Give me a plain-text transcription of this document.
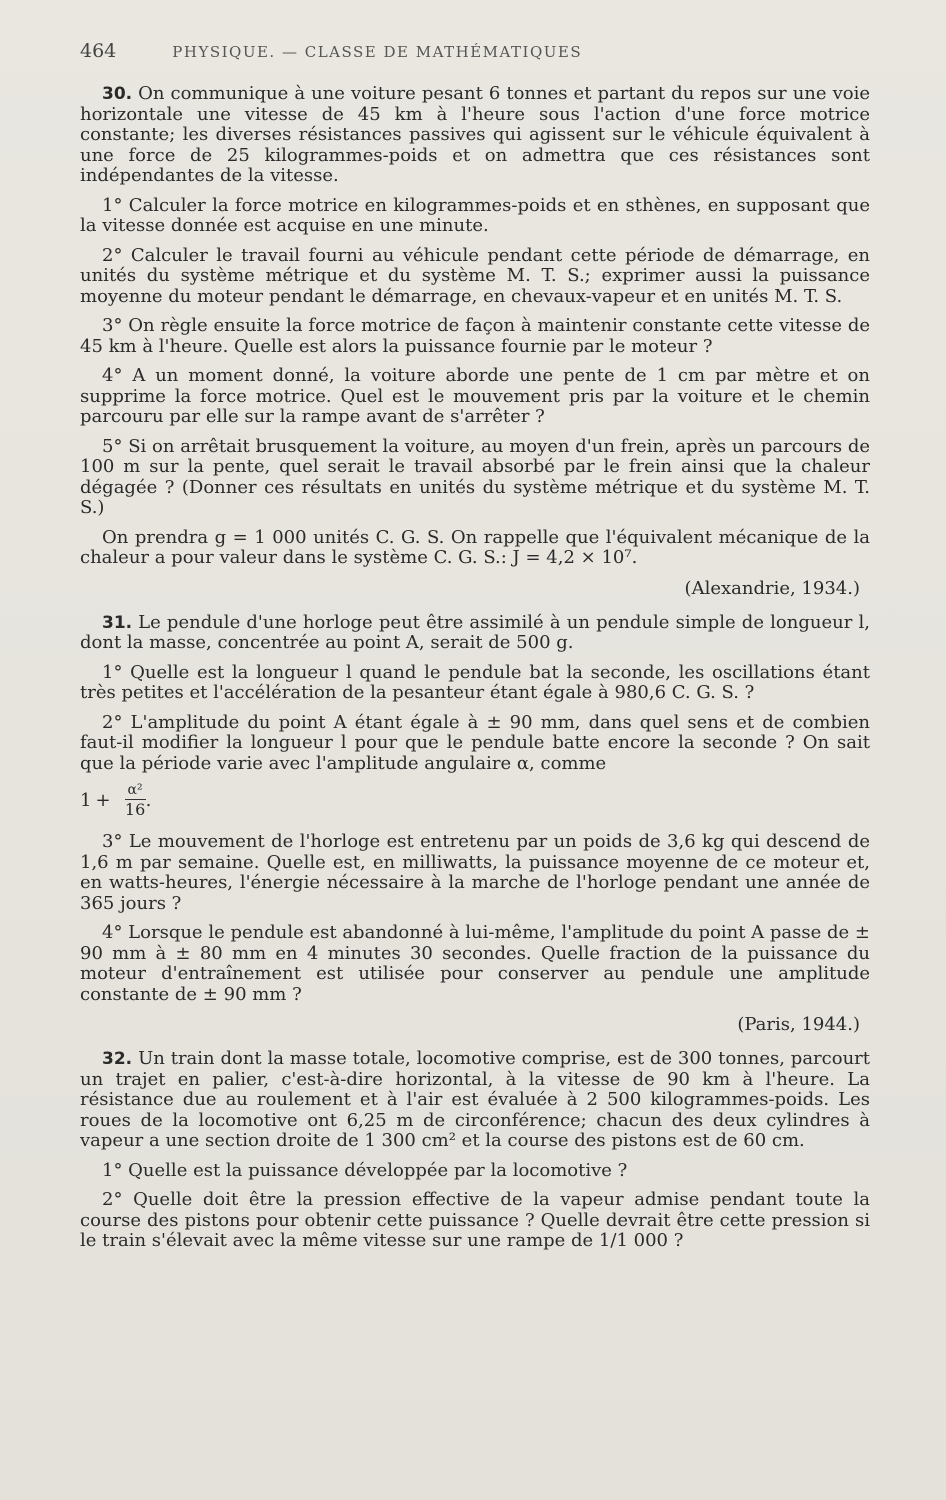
464	PHYSIQUE. — CLASSE DE MATHÉMATIQUES

30. On communique à une voiture pesant 6 tonnes et partant du repos sur une voie horizontale une vitesse de 45 km à l'heure sous l'action d'une force motrice constante; les diverses résistances passives qui agissent sur le véhicule équivalent à une force de 25 kilogrammes-poids et on admettra que ces résistances sont indépendantes de la vitesse.

1° Calculer la force motrice en kilogrammes-poids et en sthènes, en supposant que la vitesse donnée est acquise en une minute.

2° Calculer le travail fourni au véhicule pendant cette période de démarrage, en unités du système métrique et du système M. T. S.; exprimer aussi la puissance moyenne du moteur pendant le démarrage, en chevaux-vapeur et en unités M. T. S.

3° On règle ensuite la force motrice de façon à maintenir constante cette vitesse de 45 km à l'heure. Quelle est alors la puissance fournie par le moteur ?

4° A un moment donné, la voiture aborde une pente de 1 cm par mètre et on supprime la force motrice. Quel est le mouvement pris par la voiture et le chemin parcouru par elle sur la rampe avant de s'arrêter ?

5° Si on arrêtait brusquement la voiture, au moyen d'un frein, après un parcours de 100 m sur la pente, quel serait le travail absorbé par le frein ainsi que la chaleur dégagée ? (Donner ces résultats en unités du système métrique et du système M. T. S.)

On prendra g = 1 000 unités C. G. S. On rappelle que l'équivalent mécanique de la chaleur a pour valeur dans le système C. G. S.: J = 4,2 × 10⁷.

(Alexandrie, 1934.)

31. Le pendule d'une horloge peut être assimilé à un pendule simple de longueur l, dont la masse, concentrée au point A, serait de 500 g.

1° Quelle est la longueur l quand le pendule bat la seconde, les oscillations étant très petites et l'accélération de la pesanteur étant égale à 980,6 C. G. S. ?

2° L'amplitude du point A étant égale à ± 90 mm, dans quel sens et de combien faut-il modifier la longueur l pour que le pendule batte encore la seconde ? On sait que la période varie avec l'amplitude angulaire α, comme

$1 + \frac{\text{α²}}{16}$ .

3° Le mouvement de l'horloge est entretenu par un poids de 3,6 kg qui descend de 1,6 m par semaine. Quelle est, en milliwatts, la puissance moyenne de ce moteur et, en watts-heures, l'énergie nécessaire à la marche de l'horloge pendant une année de 365 jours ?

4° Lorsque le pendule est abandonné à lui-même, l'amplitude du point A passe de ± 90 mm à ± 80 mm en 4 minutes 30 secondes. Quelle fraction de la puissance du moteur d'entraînement est utilisée pour conserver au pendule une amplitude constante de ± 90 mm ?

(Paris, 1944.)

32. Un train dont la masse totale, locomotive comprise, est de 300 tonnes, parcourt un trajet en palier, c'est-à-dire horizontal, à la vitesse de 90 km à l'heure. La résistance due au roulement et à l'air est évaluée à 2 500 kilogrammes-poids. Les roues de la locomotive ont 6,25 m de circonférence; chacun des deux cylindres à vapeur a une section droite de 1 300 cm² et la course des pistons est de 60 cm.

1° Quelle est la puissance développée par la locomotive ?

2° Quelle doit être la pression effective de la vapeur admise pendant toute la course des pistons pour obtenir cette puissance ? Quelle devrait être cette pression si le train s'élevait avec la même vitesse sur une rampe de 1/1 000 ?
